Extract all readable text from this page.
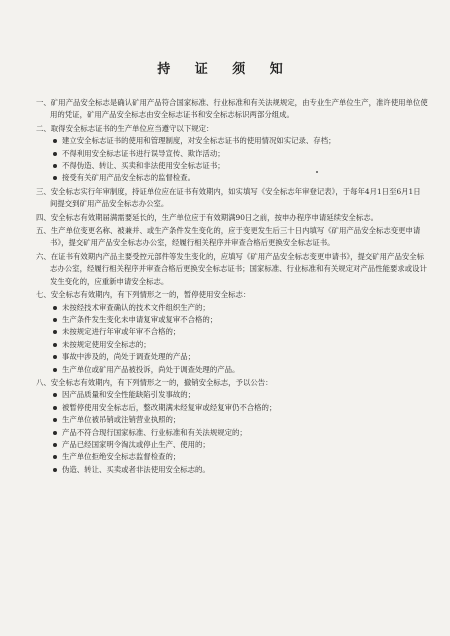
持 证 须 知
一、矿用产品安全标志是确认矿用产品符合国家标准、行业标准和有关法规规定，由专业生产单位生产，准许使用单位使用的凭证，矿用产品安全标志由安全标志证书和安全标志标识两部分组成。
二、取得安全标志证书的生产单位应当遵守以下规定：
建立安全标志证书的使用和管理制度，对安全标志证书的使用情况如实记录、存档；
不得利用安全标志证书进行误导宣传、欺诈活动；
不得伪造、转让、买卖和非法使用安全标志证书；
接受有关矿用产品安全标志的监督检查。
三、安全标志实行年审制度，持证单位应在证书有效期内，如实填写《安全标志年审登记表》，于每年4月1日至6月1日间提交到矿用产品安全标志办公室。
四、安全标志有效期届满需要延长的，生产单位应于有效期满90日之前，按申办程序申请延续安全标志。
五、生产单位变更名称、被兼并、或生产条件发生变化的，应于变更发生后三十日内填写《矿用产品安全标志变更申请书》，提交矿用产品安全标志办公室，经履行相关程序并审查合格后更换安全标志证书。
六、在证书有效期内产品主要受控元部件等发生变化的，应填写《矿用产品安全标志变更申请书》，提交矿用产品安全标志办公室，经履行相关程序并审查合格后更换安全标志证书；国家标准、行业标准和有关规定对产品性能要求或设计发生变化的，应重新申请安全标志。
七、安全标志有效期内，有下列情形之一的，暂停使用安全标志：
未按经技术审查确认的技术文件组织生产的；
生产条件发生变化未申请复审或复审不合格的；
未按规定进行年审或年审不合格的；
未按规定使用安全标志的；
事故中涉及的，尚处于调查处理的产品；
生产单位或矿用产品被投诉，尚处于调查处理的产品。
八、安全标志有效期内，有下列情形之一的，撤销安全标志，予以公告：
因产品质量和安全性能缺陷引发事故的；
被暂停使用安全标志后，整改期满未经复审或经复审仍不合格的；
生产单位被吊销或注销营业执照的；
产品不符合现行国家标准、行业标准和有关法规规定的；
产品已经国家明令淘汰或停止生产、使用的；
生产单位拒绝安全标志监督检查的；
伪造、转让、买卖或者非法使用安全标志的。
